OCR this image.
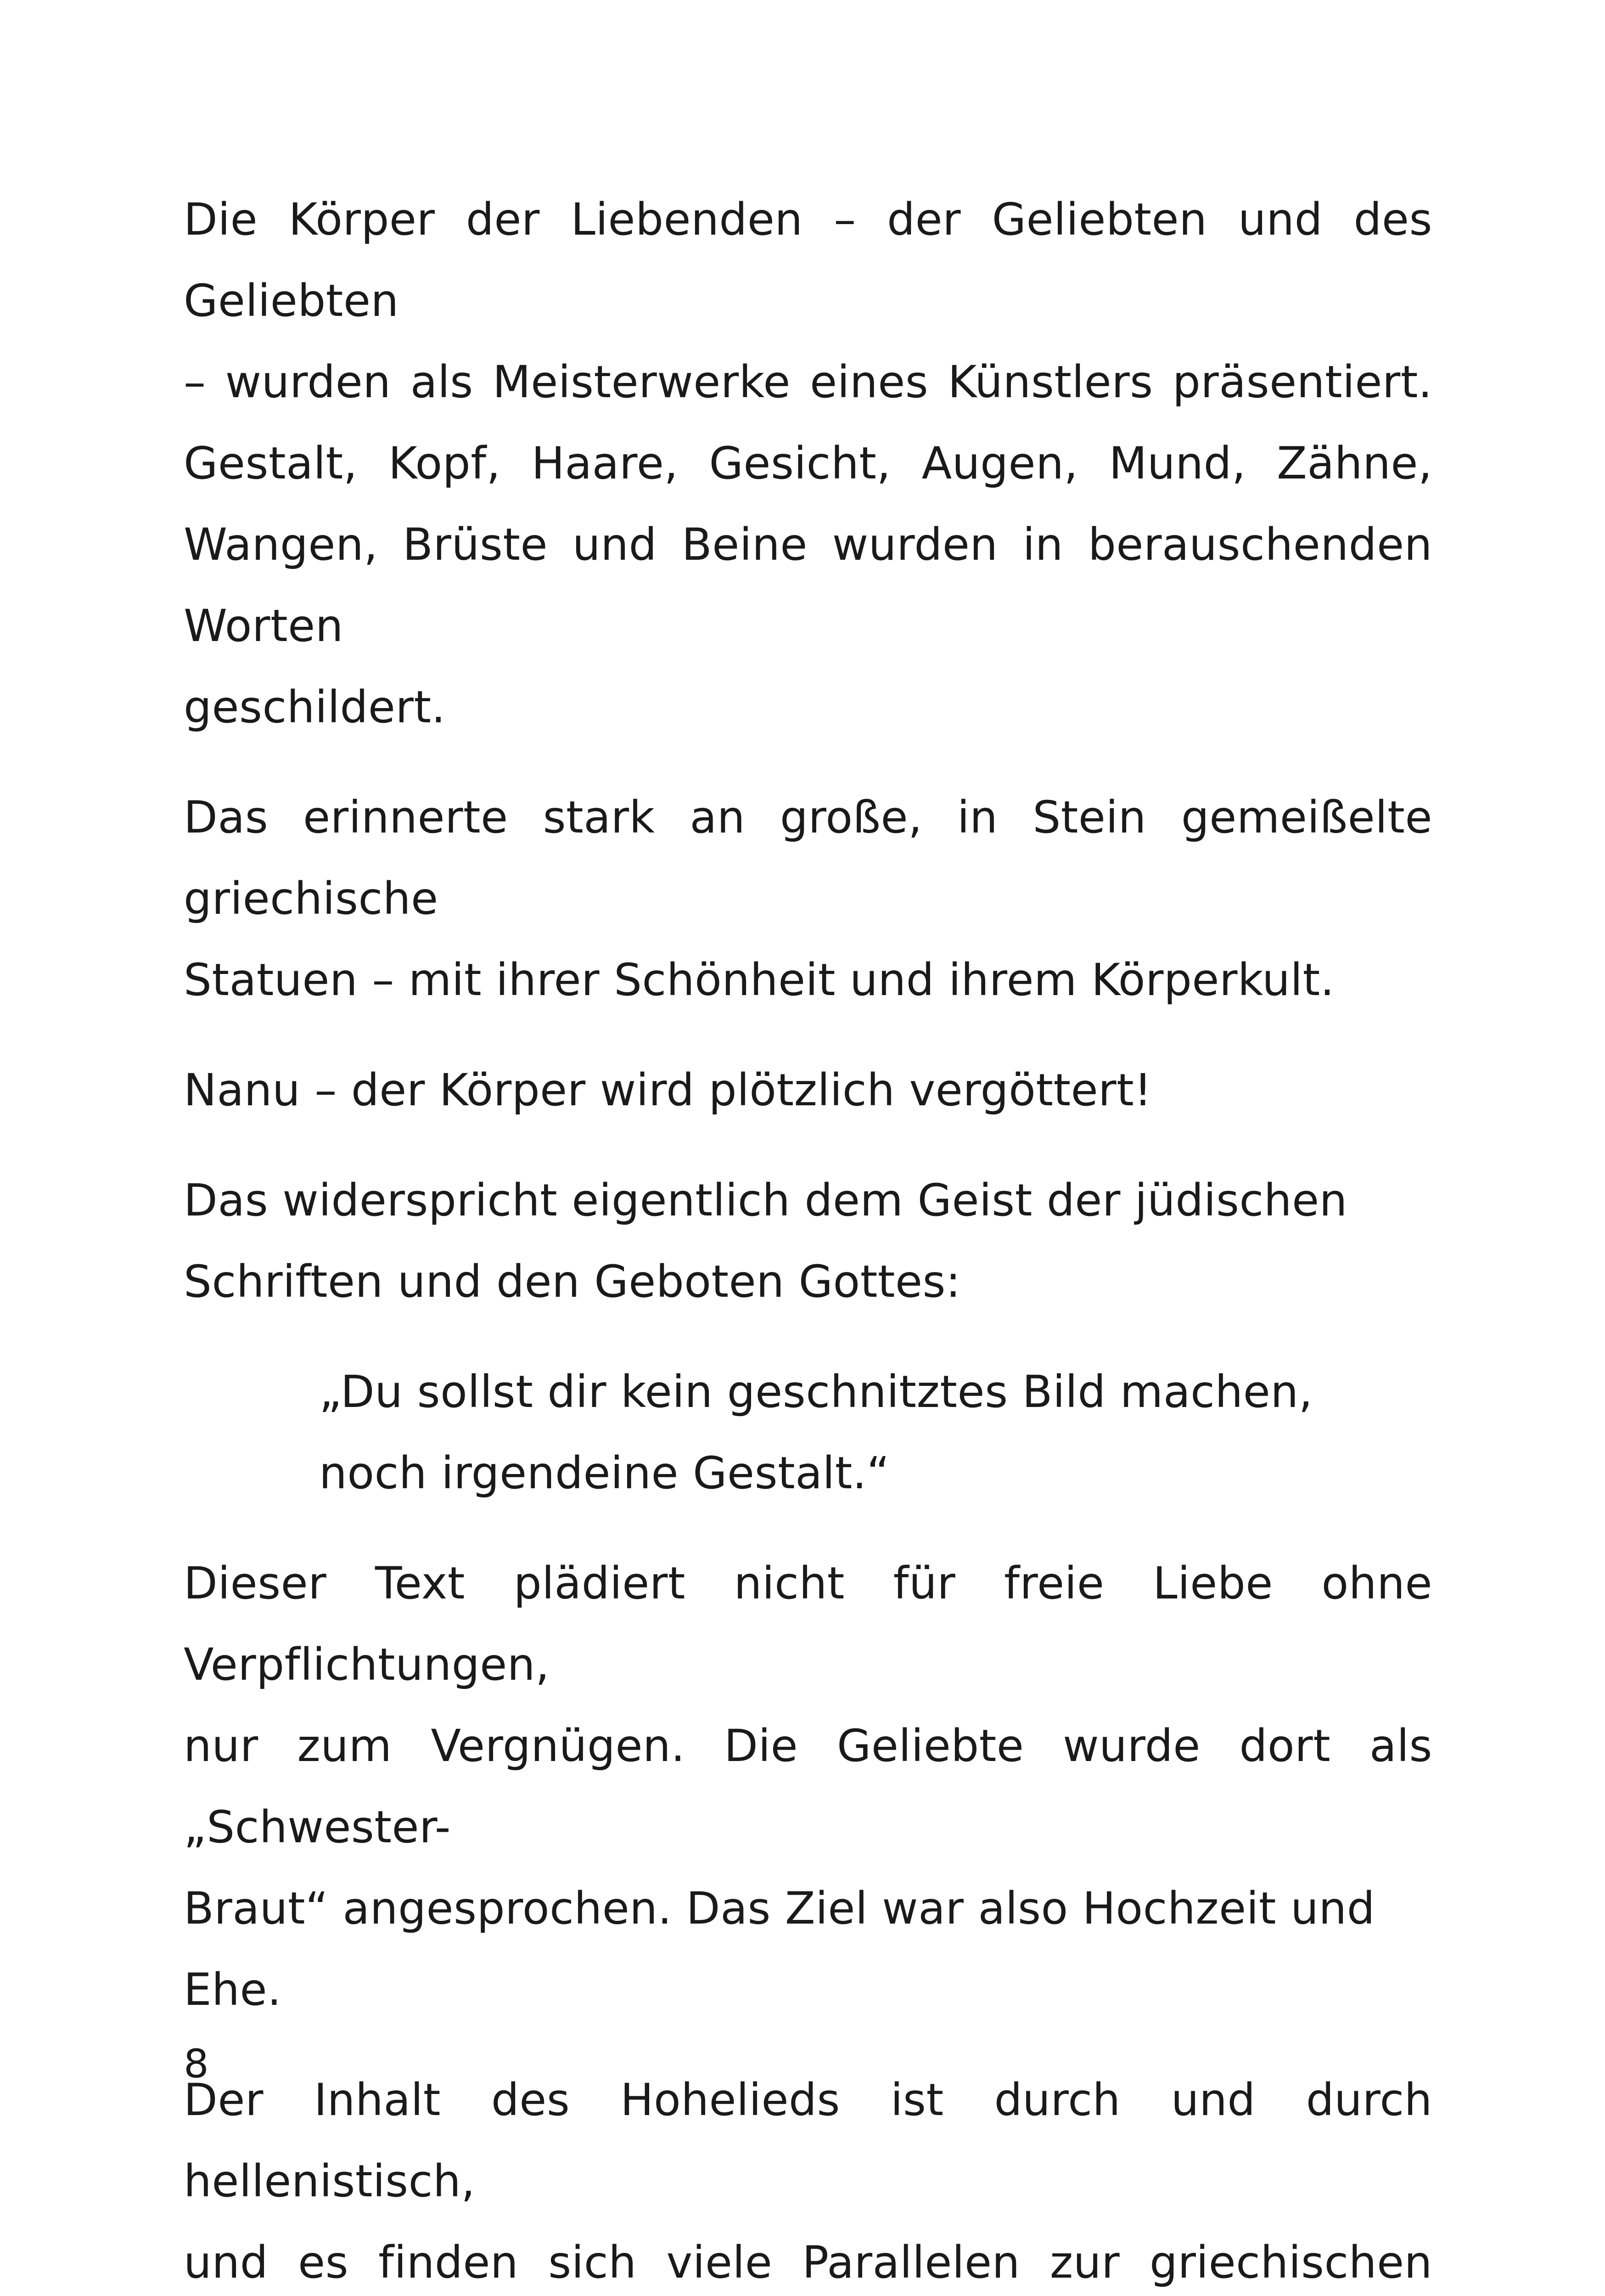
Die Körper der Liebenden – der Geliebten und des Geliebten
– wurden als Meisterwerke eines Künstlers präsentiert.
Gestalt, Kopf, Haare, Gesicht, Augen, Mund, Zähne,
Wangen, Brüste und Beine wurden in berauschenden Worten
geschildert.

Das erinnerte stark an große, in Stein gemeißelte griechische
Statuen – mit ihrer Schönheit und ihrem Körperkult.

Nanu – der Körper wird plötzlich vergöttert!

Das widerspricht eigentlich dem Geist der jüdischen
Schriften und den Geboten Gottes:

„Du sollst dir kein geschnitztes Bild machen,
noch irgendeine Gestalt.“

Dieser Text plädiert nicht für freie Liebe ohne Verpflichtungen,
nur zum Vergnügen. Die Geliebte wurde dort als „Schwester-
Braut“ angesprochen. Das Ziel war also Hochzeit und Ehe.

Der Inhalt des Hohelieds ist durch und durch hellenistisch,
und es finden sich viele Parallelen zur griechischen

8
